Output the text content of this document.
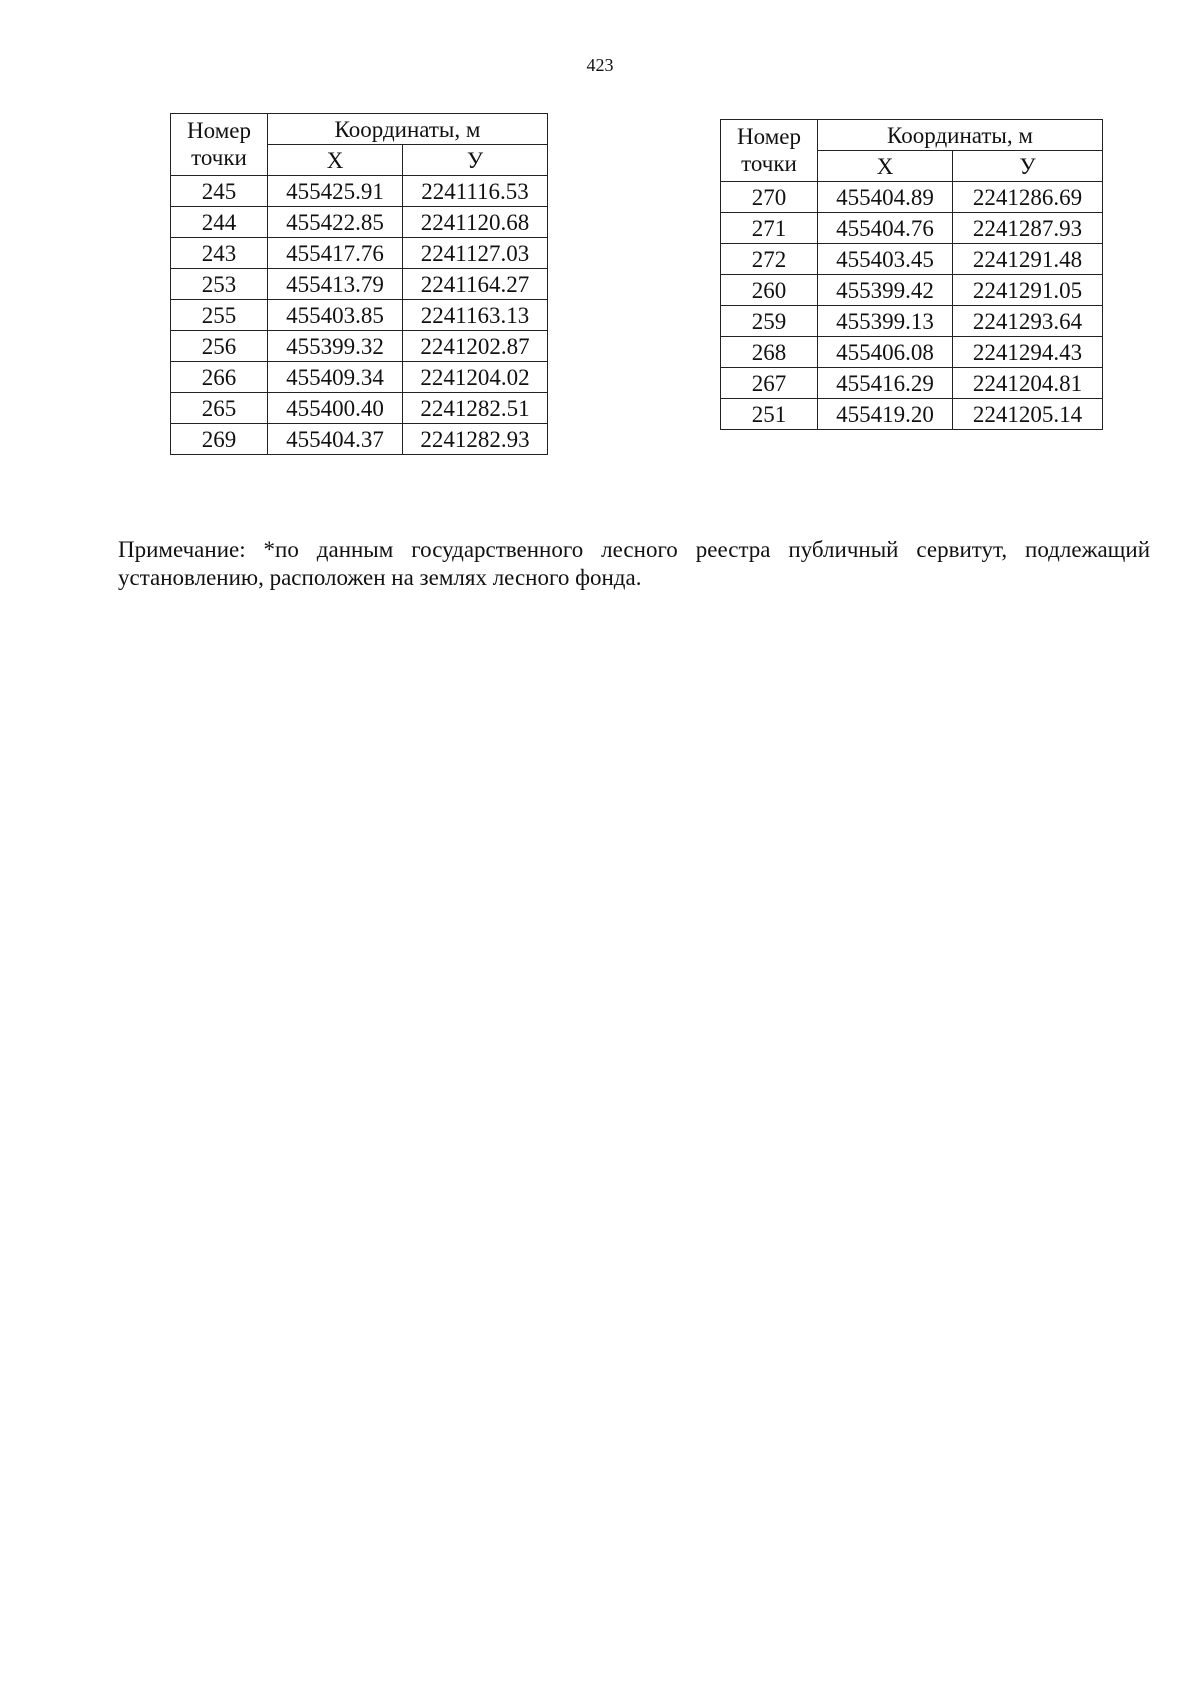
423
Номер
точки	Координаты, м	
	X	У
245	455425.91	2241116.53
244	455422.85	2241120.68
243	455417.76	2241127.03
253	455413.79	2241164.27
255	455403.85	2241163.13
256	455399.32	2241202.87
266	455409.34	2241204.02
265	455400.40	2241282.51
269	455404.37	2241282.93
Номер
точки	Координаты, м	
	X	У
270	455404.89	2241286.69
271	455404.76	2241287.93
272	455403.45	2241291.48
260	455399.42	2241291.05
259	455399.13	2241293.64
268	455406.08	2241294.43
267	455416.29	2241204.81
251	455419.20	2241205.14
Примечание: *по данным государственного лесного реестра публичный сервитут, подлежащий установлению, расположен на землях лесного фонда.
